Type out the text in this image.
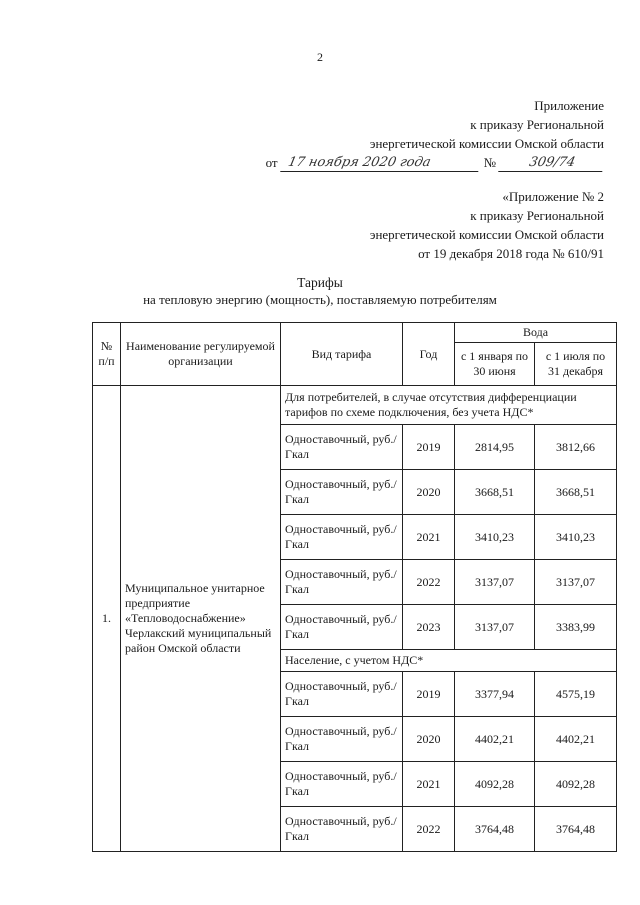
2
Приложение
к приказу Региональной
энергетической комиссии Омской области
от 17 ноября 2020 года	№	309/74
«Приложение № 2
к приказу Региональной
энергетической комиссии Омской области
от 19 декабря 2018 года № 610/91
Тарифы
на тепловую энергию (мощность), поставляемую потребителям
№ п/п	Наименование регулируемой организации	Вид тарифа	Год	Вода	
				с 1 января по 30 июня	с 1 июля по 31 декабря
1.	Муниципальное унитарное предприятие «Тепловодоснабжение» Черлакский муниципальный район Омской области	Для потребителей, в случае отсутствия дифференциации тарифов по схеме подключения, без учета НДС*			
		Одноставочный, руб./Гкал	2019	2814,95	3812,66
		Одноставочный, руб./Гкал	2020	3668,51	3668,51
		Одноставочный, руб./Гкал	2021	3410,23	3410,23
		Одноставочный, руб./Гкал	2022	3137,07	3137,07
		Одноставочный, руб./Гкал	2023	3137,07	3383,99
		Население, с учетом НДС*			
		Одноставочный, руб./Гкал	2019	3377,94	4575,19
		Одноставочный, руб./Гкал	2020	4402,21	4402,21
		Одноставочный, руб./Гкал	2021	4092,28	4092,28
		Одноставочный, руб./Гкал	2022	3764,48	3764,48
